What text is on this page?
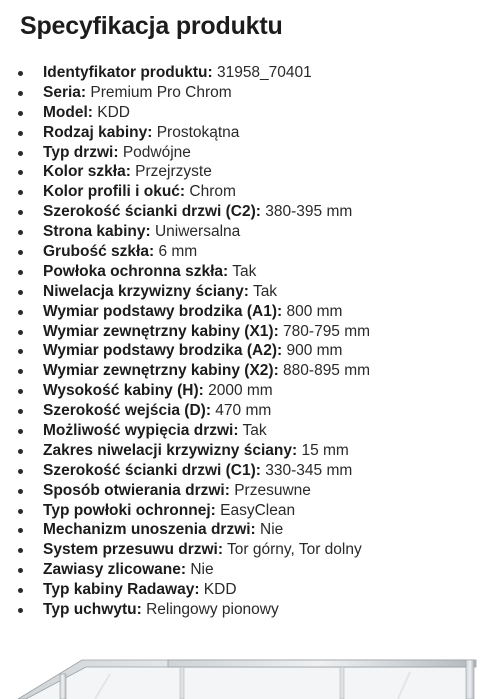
Specyfikacja produktu
Identyfikator produktu: 31958_70401
Seria: Premium Pro Chrom
Model: KDD
Rodzaj kabiny: Prostokątna
Typ drzwi: Podwójne
Kolor szkła: Przejrzyste
Kolor profili i okuć: Chrom
Szerokość ścianki drzwi (C2): 380-395 mm
Strona kabiny: Uniwersalna
Grubość szkła: 6 mm
Powłoka ochronna szkła: Tak
Niwelacja krzywizny ściany: Tak
Wymiar podstawy brodzika (A1): 800 mm
Wymiar zewnętrzny kabiny (X1): 780-795 mm
Wymiar podstawy brodzika (A2): 900 mm
Wymiar zewnętrzny kabiny (X2): 880-895 mm
Wysokość kabiny (H): 2000 mm
Szerokość wejścia (D): 470 mm
Możliwość wypięcia drzwi: Tak
Zakres niwelacji krzywizny ściany: 15 mm
Szerokość ścianki drzwi (C1): 330-345 mm
Sposób otwierania drzwi: Przesuwne
Typ powłoki ochronnej: EasyClean
Mechanizm unoszenia drzwi: Nie
System przesuwu drzwi: Tor górny, Tor dolny
Zawiasy zlicowane: Nie
Typ kabiny Radaway: KDD
Typ uchwytu: Relingowy pionowy
